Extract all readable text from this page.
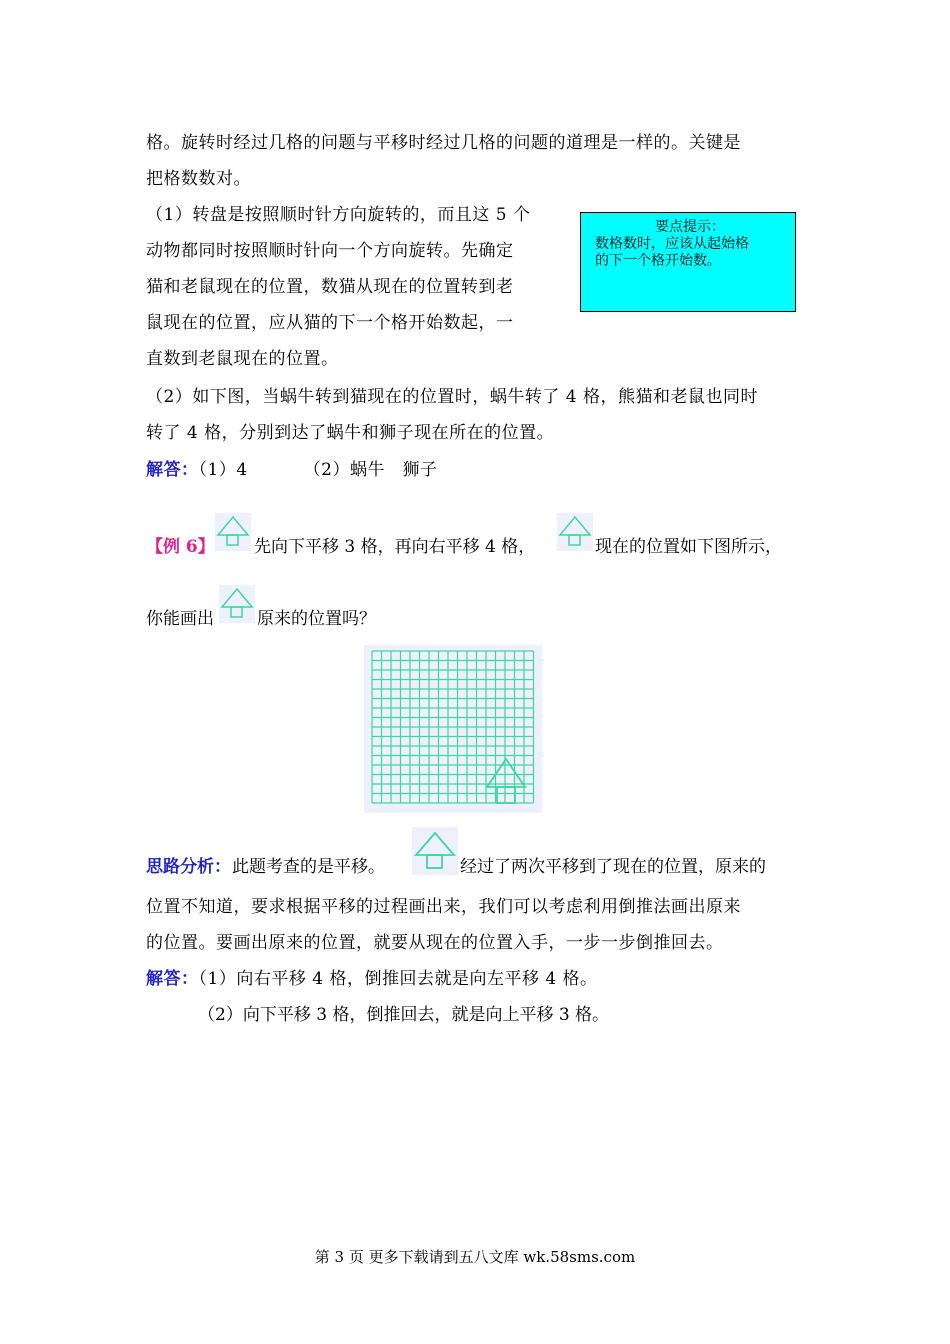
格。旋转时经过几格的问题与平移时经过几格的问题的道理是一样的。关键是
把格数数对。
（1）转盘是按照顺时针方向旋转的，而且这 5 个
动物都同时按照顺时针向一个方向旋转。先确定
猫和老鼠现在的位置，数猫从现在的位置转到老
鼠现在的位置，应从猫的下一个格开始数起，一
直数到老鼠现在的位置。
（2）如下图，当蜗牛转到猫现在的位置时，蜗牛转了 4 格，熊猫和老鼠也同时
转了 4 格，分别到达了蜗牛和狮子现在所在的位置。
要点提示：
数格数时，应该从起始格
的下一个格开始数。
解答：（1）4	（2）蜗牛　狮子
【例 6】 先向下平移 3 格，再向右平移 4 格，	现在的位置如下图所示，
你能画出	原来的位置吗？
思路分析： 此题考查的是平移。	经过了两次平移到了现在的位置，原来的
位置不知道，要求根据平移的过程画出来，我们可以考虑利用倒推法画出原来
的位置。要画出原来的位置，就要从现在的位置入手，一步一步倒推回去。
解答：（1）向右平移 4 格，倒推回去就是向左平移 4 格。
（2）向下平移 3 格，倒推回去，就是向上平移 3 格。
第 3 页 更多下载请到五八文库 wk.58sms.com
